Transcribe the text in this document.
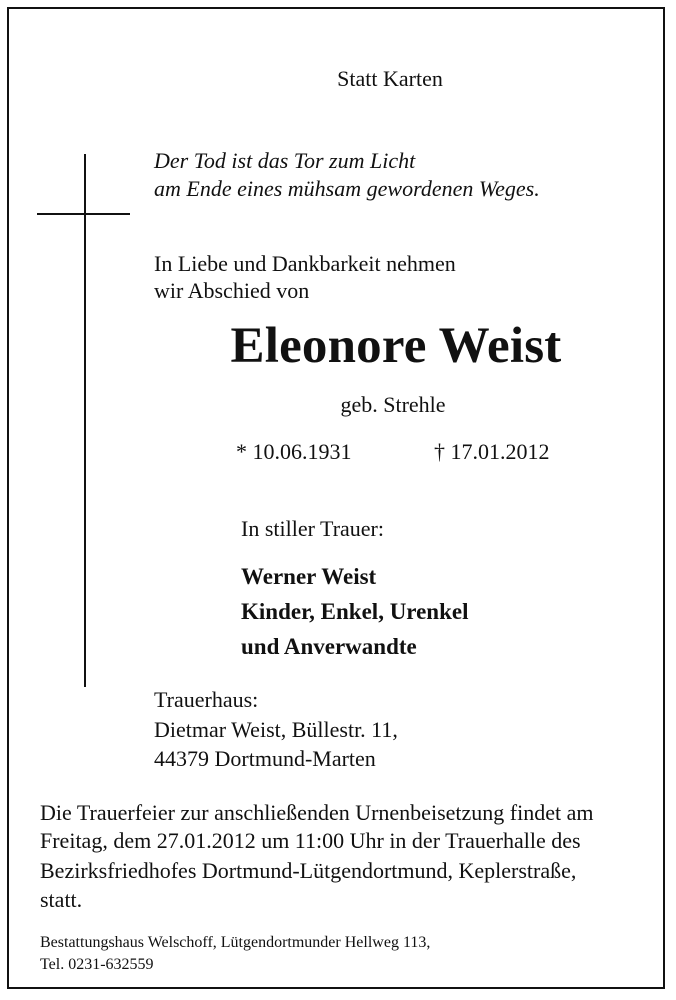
Statt Karten
Der Tod ist das Tor zum Licht
am Ende eines mühsam gewordenen Weges.
In Liebe und Dankbarkeit nehmen
wir Abschied von
Eleonore Weist
geb. Strehle
* 10.06.1931	† 17.01.2012
In stiller Trauer:
Werner Weist
Kinder, Enkel, Urenkel
und Anverwandte
Trauerhaus:
Dietmar Weist, Büllestr. 11,
44379 Dortmund-Marten
Die Trauerfeier zur anschließenden Urnenbeisetzung findet am
Freitag, dem 27.01.2012 um 11:00 Uhr in der Trauerhalle des
Bezirksfriedhofes Dortmund-Lütgendortmund, Keplerstraße,
statt.
Bestattungshaus Welschoff, Lütgendortmunder Hellweg 113,
Tel. 0231-632559
